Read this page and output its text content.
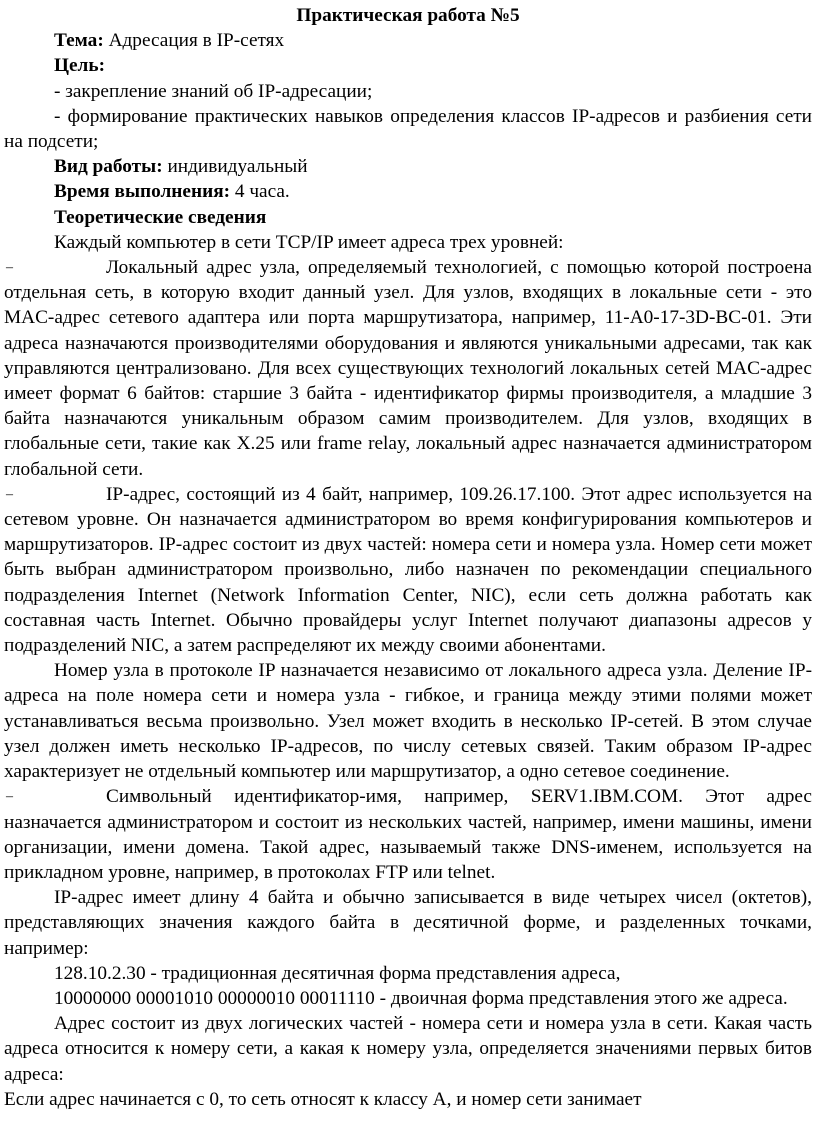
Практическая работа №5

Тема: Адресация в IP-сетях

Цель:

- закрепление знаний об IP-адресации;

- формирование практических навыков определения классов IP-адресов и разбиения сети на подсети;

Вид работы: индивидуальный

Время выполнения: 4 часа.

Теоретические сведения

Каждый компьютер в сети TCP/IP имеет адреса трех уровней:

–	Локальный адрес узла, определяемый технологией, с помощью которой построена отдельная сеть, в которую входит данный узел. Для узлов, входящих в локальные сети - это MAC-адрес сетевого адаптера или порта маршрутизатора, например, 11-A0-17-3D-BC-01. Эти адреса назначаются производителями оборудования и являются уникальными адресами, так как управляются централизовано. Для всех существующих технологий локальных сетей MAC-адрес имеет формат 6 байтов: старшие 3 байта - идентификатор фирмы производителя, а младшие 3 байта назначаются уникальным образом самим производителем. Для узлов, входящих в глобальные сети, такие как Х.25 или frame relay, локальный адрес назначается администратором глобальной сети.

–	IP-адрес, состоящий из 4 байт, например, 109.26.17.100. Этот адрес используется на сетевом уровне. Он назначается администратором во время конфигурирования компьютеров и маршрутизаторов. IP-адрес состоит из двух частей: номера сети и номера узла. Номер сети может быть выбран администратором произвольно, либо назначен по рекомендации специального подразделения Internet (Network Information Center, NIC), если сеть должна работать как составная часть Internet. Обычно провайдеры услуг Internet получают диапазоны адресов у подразделений NIC, а затем распределяют их между своими абонентами.

Номер узла в протоколе IP назначается независимо от локального адреса узла. Деление IP-адреса на поле номера сети и номера узла - гибкое, и граница между этими полями может устанавливаться весьма произвольно. Узел может входить в несколько IP-сетей. В этом случае узел должен иметь несколько IP-адресов, по числу сетевых связей. Таким образом IP-адрес характеризует не отдельный компьютер или маршрутизатор, а одно сетевое соединение.

–	Символьный идентификатор-имя, например, SERV1.IBM.COM. Этот адрес назначается администратором и состоит из нескольких частей, например, имени машины, имени организации, имени домена. Такой адрес, называемый также DNS-именем, используется на прикладном уровне, например, в протоколах FTP или telnet.

IP-адрес имеет длину 4 байта и обычно записывается в виде четырех чисел (октетов), представляющих значения каждого байта в десятичной форме, и разделенных точками, например:

128.10.2.30 - традиционная десятичная форма представления адреса,

10000000 00001010 00000010 00011110 - двоичная форма представления этого же адреса.

Адрес состоит из двух логических частей - номера сети и номера узла в сети. Какая часть адреса относится к номеру сети, а какая к номеру узла, определяется значениями первых битов адреса:

Если адрес начинается с 0, то сеть относят к классу А, и номер сети занимает
